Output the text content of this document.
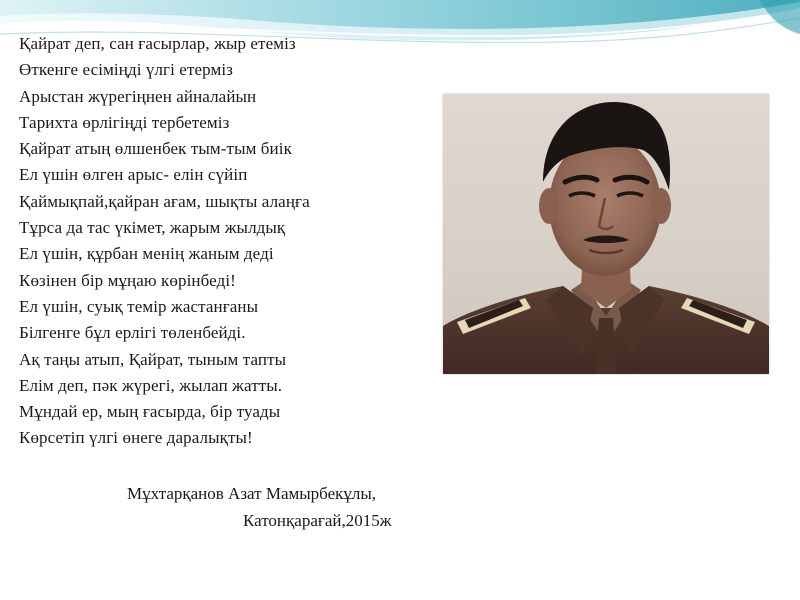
Қайрат деп, сан ғасырлар, жыр етеміз
Өткенге есіміңді үлгі етерміз
Арыстан жүрегіңнен айналайын
Тарихта өрлігіңді тербетеміз
Қайрат атың өлшенбек тым-тым биік
Ел үшін өлген арыс- елін сүйіп
Қаймықпай,қайран ағам, шықты алаңға
Тұрса да тас үкімет, жарым жылдық
Ел үшін, құрбан менің жаным деді
Көзінен бір мұңаю көрінбеді!
Ел үшін, суық темір жастанғаны
Білгенге бұл ерлігі төленбейді.
Ақ таңы атып, Қайрат, тыным тапты
Елім деп, пәк жүрегі, жылап жатты.
Мұндай ер, мың ғасырда, бір туады
Көрсетіп үлгі өнеге даралықты!
Мұхтарқанов Азат Мамырбекұлы,
Катонқарағай,2015ж
